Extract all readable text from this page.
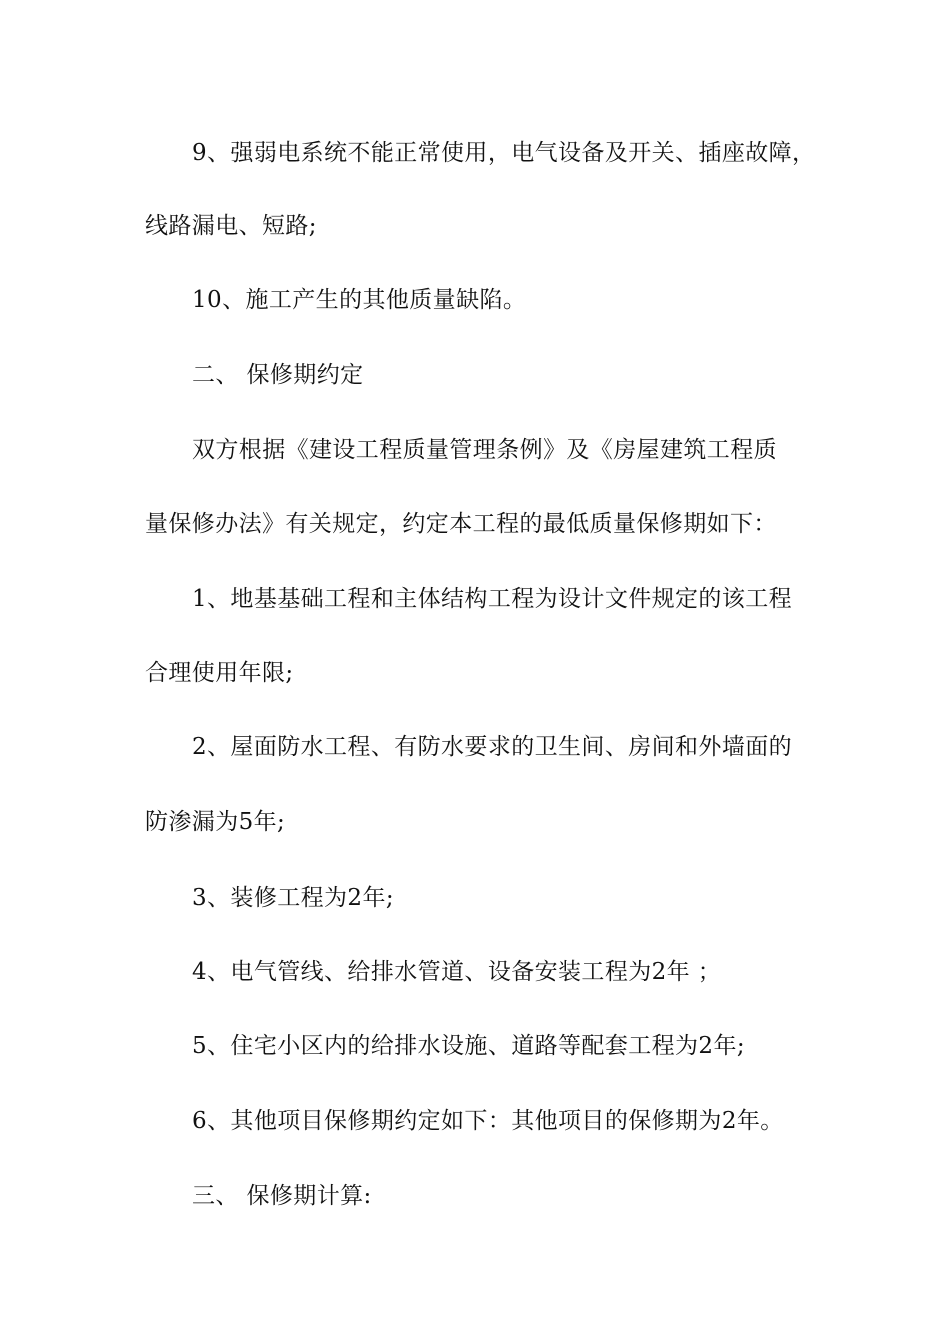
9、强弱电系统不能正常使用，电气设备及开关、插座故障，
线路漏电、短路;
10、施工产生的其他质量缺陷。
二、 保修期约定
双方根据《建设工程质量管理条例》及《房屋建筑工程质
量保修办法》有关规定，约定本工程的最低质量保修期如下：
1、地基基础工程和主体结构工程为设计文件规定的该工程
合理使用年限;
2、屋面防水工程、有防水要求的卫生间、房间和外墙面的
防渗漏为5年;
3、装修工程为2年;
4、电气管线、给排水管道、设备安装工程为2年 ；
5、住宅小区内的给排水设施、道路等配套工程为2年;
6、其他项目保修期约定如下：其他项目的保修期为2年。
三、 保修期计算:
